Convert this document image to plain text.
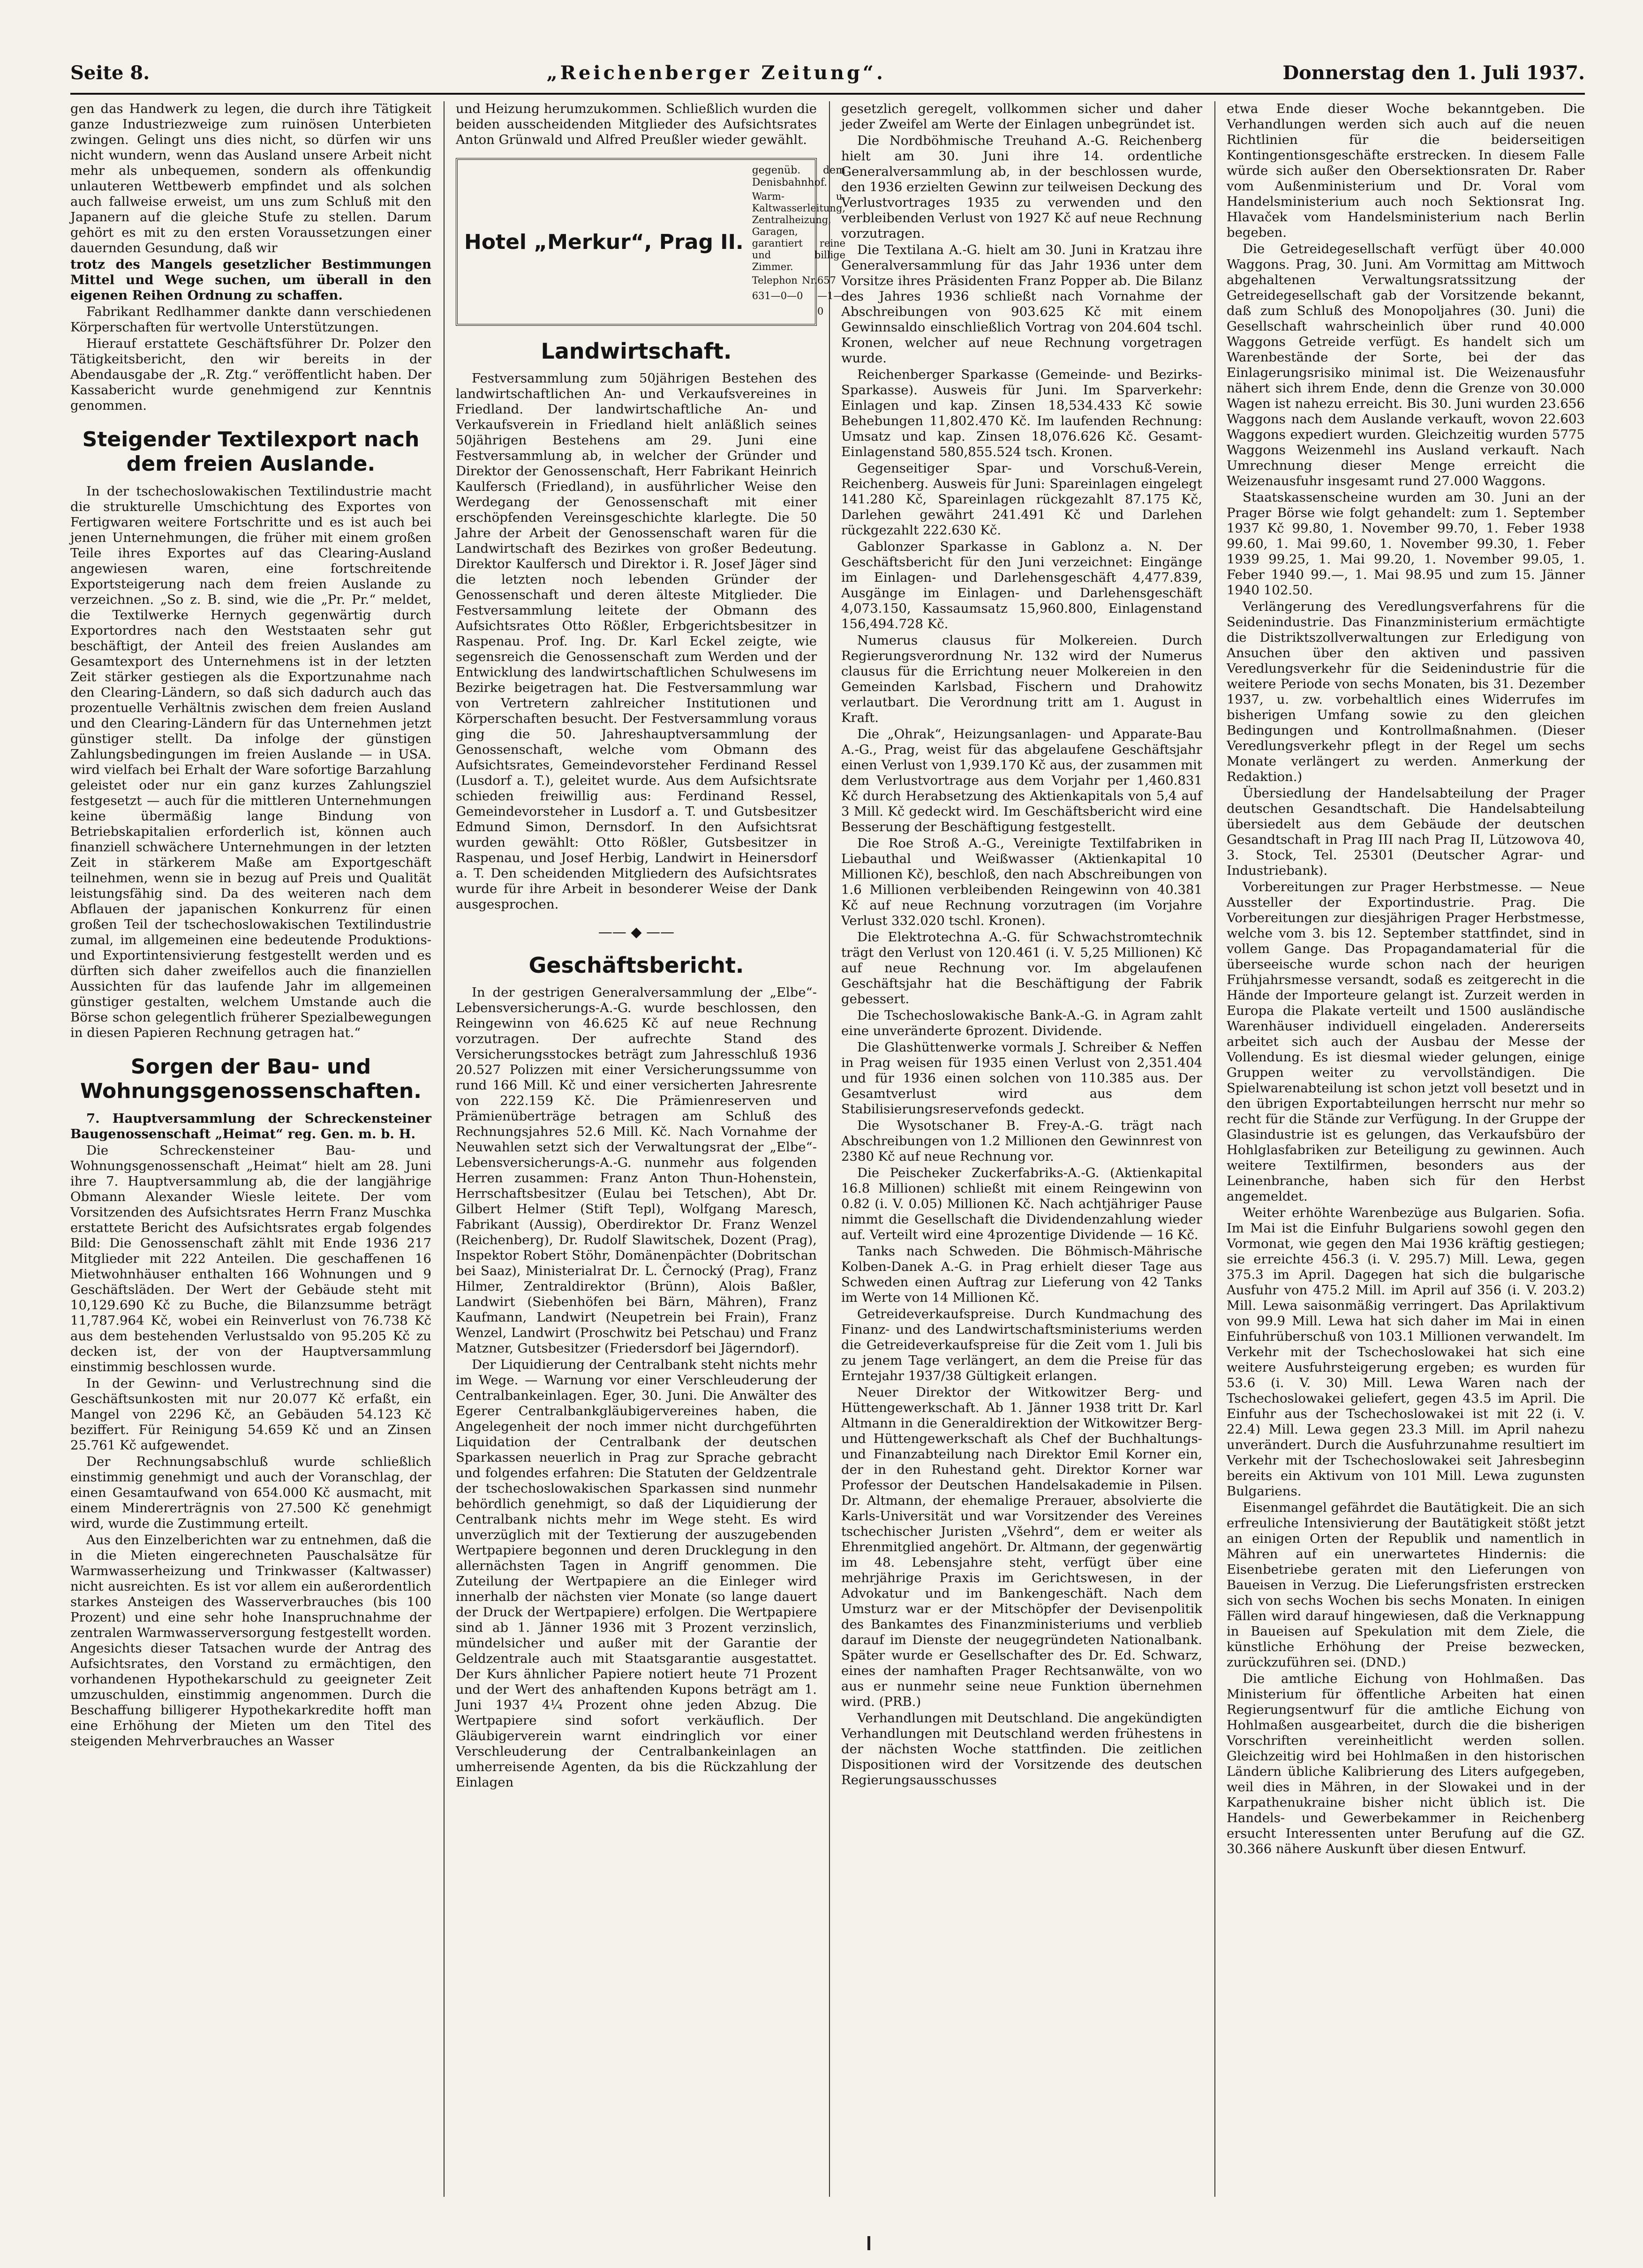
Seite 8.	„Reichenberger Zeitung“.	Donnerstag den 1. Juli 1937.

gen das Handwerk zu legen, die durch ihre Tätigkeit ganze Industriezweige zum ruinösen Unterbieten zwingen. Gelingt uns dies nicht, so dürfen wir uns nicht wundern, wenn das Ausland unsere Arbeit nicht mehr als unbequemen, sondern als offenkundig unlauteren Wettbewerb empfindet und als solchen auch fallweise erweist, um uns zum Schluß mit den Japanern auf die gleiche Stufe zu stellen. Darum gehört es mit zu den ersten Voraussetzungen einer dauernden Gesundung, daß wir

trotz des Mangels gesetzlicher Bestimmungen Mittel und Wege suchen, um überall in den eigenen Reihen Ordnung zu schaffen.

Fabrikant Redlhammer dankte dann verschiedenen Körperschaften für wertvolle Unterstützungen.

Hierauf erstattete Geschäftsführer Dr. Polzer den Tätigkeitsbericht, den wir bereits in der Abendausgabe der „R. Ztg.“ veröffentlicht haben. Der Kassabericht wurde genehmigend zur Kenntnis genommen.

Steigender Textilexport nach dem freien Auslande.

In der tschechoslowakischen Textilindustrie macht die strukturelle Umschichtung des Exportes von Fertigwaren weitere Fortschritte und es ist auch bei jenen Unternehmungen, die früher mit einem großen Teile ihres Exportes auf das Clearing-Ausland angewiesen waren, eine fortschreitende Exportsteigerung nach dem freien Auslande zu verzeichnen. „So z. B. sind, wie die „Pr. Pr.“ meldet, die Textilwerke Hernych gegenwärtig durch Exportordres nach den Weststaaten sehr gut beschäftigt, der Anteil des freien Auslandes am Gesamtexport des Unternehmens ist in der letzten Zeit stärker gestiegen als die Exportzunahme nach den Clearing-Ländern, so daß sich dadurch auch das prozentuelle Verhältnis zwischen dem freien Ausland und den Clearing-Ländern für das Unternehmen jetzt günstiger stellt. Da infolge der günstigen Zahlungsbedingungen im freien Auslande — in USA. wird vielfach bei Erhalt der Ware sofortige Barzahlung geleistet oder nur ein ganz kurzes Zahlungsziel festgesetzt — auch für die mittleren Unternehmungen keine übermäßig lange Bindung von Betriebskapitalien erforderlich ist, können auch finanziell schwächere Unternehmungen in der letzten Zeit in stärkerem Maße am Exportgeschäft teilnehmen, wenn sie in bezug auf Preis und Qualität leistungsfähig sind. Da des weiteren nach dem Abflauen der japanischen Konkurrenz für einen großen Teil der tschechoslowakischen Textilindustrie zumal, im allgemeinen eine bedeutende Produktions- und Exportintensivierung festgestellt werden und es dürften sich daher zweifellos auch die finanziellen Aussichten für das laufende Jahr im allgemeinen günstiger gestalten, welchem Umstande auch die Börse schon gelegentlich früherer Spezialbewegungen in diesen Papieren Rechnung getragen hat.“

Sorgen der Bau- und Wohnungsgenossenschaften.

7. Hauptversammlung der Schreckensteiner Baugenossenschaft „Heimat“ reg. Gen. m. b. H.

Die Schreckensteiner Bau- und Wohnungsgenossenschaft „Heimat“ hielt am 28. Juni ihre 7. Hauptversammlung ab, die der langjährige Obmann Alexander Wiesle leitete. Der vom Vorsitzenden des Aufsichtsrates Herrn Franz Muschka erstattete Bericht des Aufsichtsrates ergab folgendes Bild: Die Genossenschaft zählt mit Ende 1936 217 Mitglieder mit 222 Anteilen. Die geschaffenen 16 Mietwohnhäuser enthalten 166 Wohnungen und 9 Geschäftsläden. Der Wert der Gebäude steht mit 10,129.690 Kč zu Buche, die Bilanzsumme beträgt 11,787.964 Kč, wobei ein Reinverlust von 76.738 Kč aus dem bestehenden Verlustsaldo von 95.205 Kč zu decken ist, der von der Hauptversammlung einstimmig beschlossen wurde.

In der Gewinn- und Verlustrechnung sind die Geschäftsunkosten mit nur 20.077 Kč erfaßt, ein Mangel von 2296 Kč, an Gebäuden 54.123 Kč beziffert. Für Reinigung 54.659 Kč und an Zinsen 25.761 Kč aufgewendet.

Der Rechnungsabschluß wurde schließlich einstimmig genehmigt und auch der Voranschlag, der einen Gesamtaufwand von 654.000 Kč ausmacht, mit einem Mindererträgnis von 27.500 Kč genehmigt wird, wurde die Zustimmung erteilt.

Aus den Einzelberichten war zu entnehmen, daß die in die Mieten eingerechneten Pauschalsätze für Warmwasserheizung und Trinkwasser (Kaltwasser) nicht ausreichten. Es ist vor allem ein außerordentlich starkes Ansteigen des Wasserverbrauches (bis 100 Prozent) und eine sehr hohe Inanspruchnahme der zentralen Warmwasserversorgung festgestellt worden. Angesichts dieser Tatsachen wurde der Antrag des Aufsichtsrates, den Vorstand zu ermächtigen, den vorhandenen Hypothekarschuld zu geeigneter Zeit umzuschulden, einstimmig angenommen. Durch die Beschaffung billigerer Hypothekarkredite hofft man eine Erhöhung der Mieten um den Titel des steigenden Mehrverbrauches an Wasser

und Heizung herumzukommen. Schließlich wurden die beiden ausscheidenden Mitglieder des Aufsichtsrates Anton Grünwald und Alfred Preußler wieder gewählt.

Hotel „Merkur“, Prag II.
gegenüb. dem Denisbahnhof.
Warm- u. Kaltwasserleitung, Zentralheizung, Garagen, garantiert reine und billige Zimmer.
Telephon Nr. 631—0—0
657—1—0
Landwirtschaft.

Festversammlung zum 50jährigen Bestehen des landwirtschaftlichen An- und Verkaufsvereines in Friedland. Der landwirtschaftliche An- und Verkaufsverein in Friedland hielt anläßlich seines 50jährigen Bestehens am 29. Juni eine Festversammlung ab, in welcher der Gründer und Direktor der Genossenschaft, Herr Fabrikant Heinrich Kaulfersch (Friedland), in ausführlicher Weise den Werdegang der Genossenschaft mit einer erschöpfenden Vereinsgeschichte klarlegte. Die 50 Jahre der Arbeit der Genossenschaft waren für die Landwirtschaft des Bezirkes von großer Bedeutung. Direktor Kaulfersch und Direktor i. R. Josef Jäger sind die letzten noch lebenden Gründer der Genossenschaft und deren älteste Mitglieder. Die Festversammlung leitete der Obmann des Aufsichtsrates Otto Rößler, Erbgerichtsbesitzer in Raspenau. Prof. Ing. Dr. Karl Eckel zeigte, wie segensreich die Genossenschaft zum Werden und der Entwicklung des landwirtschaftlichen Schulwesens im Bezirke beigetragen hat. Die Festversammlung war von Vertretern zahlreicher Institutionen und Körperschaften besucht. Der Festversammlung voraus ging die 50. Jahreshauptversammlung der Genossenschaft, welche vom Obmann des Aufsichtsrates, Gemeindevorsteher Ferdinand Ressel (Lusdorf a. T.), geleitet wurde. Aus dem Aufsichtsrate schieden freiwillig aus: Ferdinand Ressel, Gemeindevorsteher in Lusdorf a. T. und Gutsbesitzer Edmund Simon, Dernsdorf. In den Aufsichtsrat wurden gewählt: Otto Rößler, Gutsbesitzer in Raspenau, und Josef Herbig, Landwirt in Heinersdorf a. T. Den scheidenden Mitgliedern des Aufsichtsrates wurde für ihre Arbeit in besonderer Weise der Dank ausgesprochen.

—— ◆ ——
Geschäftsbericht.

In der gestrigen Generalversammlung der „Elbe“-Lebensversicherungs-A.-G. wurde beschlossen, den Reingewinn von 46.625 Kč auf neue Rechnung vorzutragen. Der aufrechte Stand des Versicherungsstockes beträgt zum Jahresschluß 1936 20.527 Polizzen mit einer Versicherungssumme von rund 166 Mill. Kč und einer versicherten Jahresrente von 222.159 Kč. Die Prämienreserven und Prämienüberträge betragen am Schluß des Rechnungsjahres 52.6 Mill. Kč. Nach Vornahme der Neuwahlen setzt sich der Verwaltungsrat der „Elbe“-Lebensversicherungs-A.-G. nunmehr aus folgenden Herren zusammen: Franz Anton Thun-Hohenstein, Herrschaftsbesitzer (Eulau bei Tetschen), Abt Dr. Gilbert Helmer (Stift Tepl), Wolfgang Maresch, Fabrikant (Aussig), Oberdirektor Dr. Franz Wenzel (Reichenberg), Dr. Rudolf Slawitschek, Dozent (Prag), Inspektor Robert Stöhr, Domänenpächter (Dobritschan bei Saaz), Ministerialrat Dr. L. Černocký (Prag), Franz Hilmer, Zentraldirektor (Brünn), Alois Baßler, Landwirt (Siebenhöfen bei Bärn, Mähren), Franz Kaufmann, Landwirt (Neupetrein bei Frain), Franz Wenzel, Landwirt (Proschwitz bei Petschau) und Franz Matzner, Gutsbesitzer (Friedersdorf bei Jägerndorf).

Der Liquidierung der Centralbank steht nichts mehr im Wege. — Warnung vor einer Verschleuderung der Centralbankeinlagen. Eger, 30. Juni. Die Anwälter des Egerer Centralbankgläubigervereines haben, die Angelegenheit der noch immer nicht durchgeführten Liquidation der Centralbank der deutschen Sparkassen neuerlich in Prag zur Sprache gebracht und folgendes erfahren: Die Statuten der Geldzentrale der tschechoslowakischen Sparkassen sind nunmehr behördlich genehmigt, so daß der Liquidierung der Centralbank nichts mehr im Wege steht. Es wird unverzüglich mit der Textierung der auszugebenden Wertpapiere begonnen und deren Drucklegung in den allernächsten Tagen in Angriff genommen. Die Zuteilung der Wertpapiere an die Einleger wird innerhalb der nächsten vier Monate (so lange dauert der Druck der Wertpapiere) erfolgen. Die Wertpapiere sind ab 1. Jänner 1936 mit 3 Prozent verzinslich, mündelsicher und außer mit der Garantie der Geldzentrale auch mit Staatsgarantie ausgestattet. Der Kurs ähnlicher Papiere notiert heute 71 Prozent und der Wert des anhaftenden Kupons beträgt am 1. Juni 1937 4¼ Prozent ohne jeden Abzug. Die Wertpapiere sind sofort verkäuflich. Der Gläubigerverein warnt eindringlich vor einer Verschleuderung der Centralbankeinlagen an umherreisende Agenten, da bis die Rückzahlung der Einlagen

gesetzlich geregelt, vollkommen sicher und daher jeder Zweifel am Werte der Einlagen unbegründet ist.

Die Nordböhmische Treuhand A.-G. Reichenberg hielt am 30. Juni ihre 14. ordentliche Generalversammlung ab, in der beschlossen wurde, den 1936 erzielten Gewinn zur teilweisen Deckung des Verlustvortrages 1935 zu verwenden und den verbleibenden Verlust von 1927 Kč auf neue Rechnung vorzutragen.

Die Textilana A.-G. hielt am 30. Juni in Kratzau ihre Generalversammlung für das Jahr 1936 unter dem Vorsitze ihres Präsidenten Franz Popper ab. Die Bilanz des Jahres 1936 schließt nach Vornahme der Abschreibungen von 903.625 Kč mit einem Gewinnsaldo einschließlich Vortrag von 204.604 tschl. Kronen, welcher auf neue Rechnung vorgetragen wurde.

Reichenberger Sparkasse (Gemeinde- und Bezirks-Sparkasse). Ausweis für Juni. Im Sparverkehr: Einlagen und kap. Zinsen 18,534.433 Kč sowie Behebungen 11,802.470 Kč. Im laufenden Rechnung: Umsatz und kap. Zinsen 18,076.626 Kč. Gesamt-Einlagenstand 580,855.524 tsch. Kronen.

Gegenseitiger Spar- und Vorschuß-Verein, Reichenberg. Ausweis für Juni: Spareinlagen eingelegt 141.280 Kč, Spareinlagen rückgezahlt 87.175 Kč, Darlehen gewährt 241.491 Kč und Darlehen rückgezahlt 222.630 Kč.

Gablonzer Sparkasse in Gablonz a. N. Der Geschäftsbericht für den Juni verzeichnet: Eingänge im Einlagen- und Darlehensgeschäft 4,477.839, Ausgänge im Einlagen- und Darlehensgeschäft 4,073.150, Kassaumsatz 15,960.800, Einlagenstand 156,494.728 Kč.

Numerus clausus für Molkereien. Durch Regierungsverordnung Nr. 132 wird der Numerus clausus für die Errichtung neuer Molkereien in den Gemeinden Karlsbad, Fischern und Drahowitz verlautbart. Die Verordnung tritt am 1. August in Kraft.

Die „Ohrak“, Heizungsanlagen- und Apparate-Bau A.-G., Prag, weist für das abgelaufene Geschäftsjahr einen Verlust von 1,939.170 Kč aus, der zusammen mit dem Verlustvortrage aus dem Vorjahr per 1,460.831 Kč durch Herabsetzung des Aktienkapitals von 5,4 auf 3 Mill. Kč gedeckt wird. Im Geschäftsbericht wird eine Besserung der Beschäftigung festgestellt.

Die Roe Stroß A.-G., Vereinigte Textilfabriken in Liebauthal und Weißwasser (Aktienkapital 10 Millionen Kč), beschloß, den nach Abschreibungen von 1.6 Millionen verbleibenden Reingewinn von 40.381 Kč auf neue Rechnung vorzutragen (im Vorjahre Verlust 332.020 tschl. Kronen).

Die Elektrotechna A.-G. für Schwachstromtechnik trägt den Verlust von 120.461 (i. V. 5,25 Millionen) Kč auf neue Rechnung vor. Im abgelaufenen Geschäftsjahr hat die Beschäftigung der Fabrik gebessert.

Die Tschechoslowakische Bank-A.-G. in Agram zahlt eine unveränderte 6prozent. Dividende.

Die Glashüttenwerke vormals J. Schreiber & Neffen in Prag weisen für 1935 einen Verlust von 2,351.404 und für 1936 einen solchen von 110.385 aus. Der Gesamtverlust wird aus dem Stabilisierungsreservefonds gedeckt.

Die Wysotschaner B. Frey-A.-G. trägt nach Abschreibungen von 1.2 Millionen den Gewinnrest von 2380 Kč auf neue Rechnung vor.

Die Peischeker Zuckerfabriks-A.-G. (Aktienkapital 16.8 Millionen) schließt mit einem Reingewinn von 0.82 (i. V. 0.05) Millionen Kč. Nach achtjähriger Pause nimmt die Gesellschaft die Dividendenzahlung wieder auf. Verteilt wird eine 4prozentige Dividende — 16 Kč.

Tanks nach Schweden. Die Böhmisch-Mährische Kolben-Danek A.-G. in Prag erhielt dieser Tage aus Schweden einen Auftrag zur Lieferung von 42 Tanks im Werte von 14 Millionen Kč.

Getreideverkaufspreise. Durch Kundmachung des Finanz- und des Landwirtschaftsministeriums werden die Getreideverkaufspreise für die Zeit vom 1. Juli bis zu jenem Tage verlängert, an dem die Preise für das Erntejahr 1937/38 Gültigkeit erlangen.

Neuer Direktor der Witkowitzer Berg- und Hüttengewerkschaft. Ab 1. Jänner 1938 tritt Dr. Karl Altmann in die Generaldirektion der Witkowitzer Berg- und Hüttengewerkschaft als Chef der Buchhaltungs- und Finanzabteilung nach Direktor Emil Korner ein, der in den Ruhestand geht. Direktor Korner war Professor der Deutschen Handelsakademie in Pilsen. Dr. Altmann, der ehemalige Prerauer, absolvierte die Karls-Universität und war Vorsitzender des Vereines tschechischer Juristen „Všehrd“, dem er weiter als Ehrenmitglied angehört. Dr. Altmann, der gegenwärtig im 48. Lebensjahre steht, verfügt über eine mehrjährige Praxis im Gerichtswesen, in der Advokatur und im Bankengeschäft. Nach dem Umsturz war er der Mitschöpfer der Devisenpolitik des Bankamtes des Finanzministeriums und verblieb darauf im Dienste der neugegründeten Nationalbank. Später wurde er Gesellschafter des Dr. Ed. Schwarz, eines der namhaften Prager Rechtsanwälte, von wo aus er nunmehr seine neue Funktion übernehmen wird. (PRB.)

Verhandlungen mit Deutschland. Die angekündigten Verhandlungen mit Deutschland werden frühestens in der nächsten Woche stattfinden. Die zeitlichen Dispositionen wird der Vorsitzende des deutschen Regierungsausschusses

etwa Ende dieser Woche bekanntgeben. Die Verhandlungen werden sich auch auf die neuen Richtlinien für die beiderseitigen Kontingentionsgeschäfte erstrecken. In diesem Falle würde sich außer den Obersektionsraten Dr. Raber vom Außenministerium und Dr. Voral vom Handelsministerium auch noch Sektionsrat Ing. Hlavaček vom Handelsministerium nach Berlin begeben.

Die Getreidegesellschaft verfügt über 40.000 Waggons. Prag, 30. Juni. Am Vormittag am Mittwoch abgehaltenen Verwaltungsratssitzung der Getreidegesellschaft gab der Vorsitzende bekannt, daß zum Schluß des Monopoljahres (30. Juni) die Gesellschaft wahrscheinlich über rund 40.000 Waggons Getreide verfügt. Es handelt sich um Warenbestände der Sorte, bei der das Einlagerungsrisiko minimal ist. Die Weizenausfuhr nähert sich ihrem Ende, denn die Grenze von 30.000 Wagen ist nahezu erreicht. Bis 30. Juni wurden 23.656 Waggons nach dem Auslande verkauft, wovon 22.603 Waggons expediert wurden. Gleichzeitig wurden 5775 Waggons Weizenmehl ins Ausland verkauft. Nach Umrechnung dieser Menge erreicht die Weizenausfuhr insgesamt rund 27.000 Waggons.

Staatskassenscheine wurden am 30. Juni an der Prager Börse wie folgt gehandelt: zum 1. September 1937 Kč 99.80, 1. November 99.70, 1. Feber 1938 99.60, 1. Mai 99.60, 1. November 99.30, 1. Feber 1939 99.25, 1. Mai 99.20, 1. November 99.05, 1. Feber 1940 99.—, 1. Mai 98.95 und zum 15. Jänner 1940 102.50.

Verlängerung des Veredlungsverfahrens für die Seidenindustrie. Das Finanzministerium ermächtigte die Distriktszollverwaltungen zur Erledigung von Ansuchen über den aktiven und passiven Veredlungsverkehr für die Seidenindustrie für die weitere Periode von sechs Monaten, bis 31. Dezember 1937, u. zw. vorbehaltlich eines Widerrufes im bisherigen Umfang sowie zu den gleichen Bedingungen und Kontrollmaßnahmen. (Dieser Veredlungsverkehr pflegt in der Regel um sechs Monate verlängert zu werden. Anmerkung der Redaktion.)

Übersiedlung der Handelsabteilung der Prager deutschen Gesandtschaft. Die Handelsabteilung übersiedelt aus dem Gebäude der deutschen Gesandtschaft in Prag III nach Prag II, Lützowova 40, 3. Stock, Tel. 25301 (Deutscher Agrar- und Industriebank).

Vorbereitungen zur Prager Herbstmesse. — Neue Aussteller der Exportindustrie. Prag. Die Vorbereitungen zur diesjährigen Prager Herbstmesse, welche vom 3. bis 12. September stattfindet, sind in vollem Gange. Das Propagandamaterial für die überseeische wurde schon nach der heurigen Frühjahrsmesse versandt, sodaß es zeitgerecht in die Hände der Importeure gelangt ist. Zurzeit werden in Europa die Plakate verteilt und 1500 ausländische Warenhäuser individuell eingeladen. Andererseits arbeitet sich auch der Ausbau der Messe der Vollendung. Es ist diesmal wieder gelungen, einige Gruppen weiter zu vervollständigen. Die Spielwarenabteilung ist schon jetzt voll besetzt und in den übrigen Exportabteilungen herrscht nur mehr so recht für die Stände zur Verfügung. In der Gruppe der Glasindustrie ist es gelungen, das Verkaufsbüro der Hohlglasfabriken zur Beteiligung zu gewinnen. Auch weitere Textilfirmen, besonders aus der Leinenbranche, haben sich für den Herbst angemeldet.

Weiter erhöhte Warenbezüge aus Bulgarien. Sofia. Im Mai ist die Einfuhr Bulgariens sowohl gegen den Vormonat, wie gegen den Mai 1936 kräftig gestiegen; sie erreichte 456.3 (i. V. 295.7) Mill. Lewa, gegen 375.3 im April. Dagegen hat sich die bulgarische Ausfuhr von 475.2 Mill. im April auf 356 (i. V. 203.2) Mill. Lewa saisonmäßig verringert. Das Aprilaktivum von 99.9 Mill. Lewa hat sich daher im Mai in einen Einfuhrüberschuß von 103.1 Millionen verwandelt. Im Verkehr mit der Tschechoslowakei hat sich eine weitere Ausfuhrsteigerung ergeben; es wurden für 53.6 (i. V. 30) Mill. Lewa Waren nach der Tschechoslowakei geliefert, gegen 43.5 im April. Die Einfuhr aus der Tschechoslowakei ist mit 22 (i. V. 22.4) Mill. Lewa gegen 23.3 Mill. im April nahezu unverändert. Durch die Ausfuhrzunahme resultiert im Verkehr mit der Tschechoslowakei seit Jahresbeginn bereits ein Aktivum von 101 Mill. Lewa zugunsten Bulgariens.

Eisenmangel gefährdet die Bautätigkeit. Die an sich erfreuliche Intensivierung der Bautätigkeit stößt jetzt an einigen Orten der Republik und namentlich in Mähren auf ein unerwartetes Hindernis: die Eisenbetriebe geraten mit den Lieferungen von Baueisen in Verzug. Die Lieferungsfristen erstrecken sich von sechs Wochen bis sechs Monaten. In einigen Fällen wird darauf hingewiesen, daß die Verknappung in Baueisen auf Spekulation mit dem Ziele, die künstliche Erhöhung der Preise bezwecken, zurückzuführen sei. (DND.)

Die amtliche Eichung von Hohlmaßen. Das Ministerium für öffentliche Arbeiten hat einen Regierungsentwurf für die amtliche Eichung von Hohlmaßen ausgearbeitet, durch die die bisherigen Vorschriften vereinheitlicht werden sollen. Gleichzeitig wird bei Hohlmaßen in den historischen Ländern übliche Kalibrierung des Liters aufgegeben, weil dies in Mähren, in der Slowakei und in der Karpathenukraine bisher nicht üblich ist. Die Handels- und Gewerbekammer in Reichenberg ersucht Interessenten unter Berufung auf die GZ. 30.366 nähere Auskunft über diesen Entwurf.
